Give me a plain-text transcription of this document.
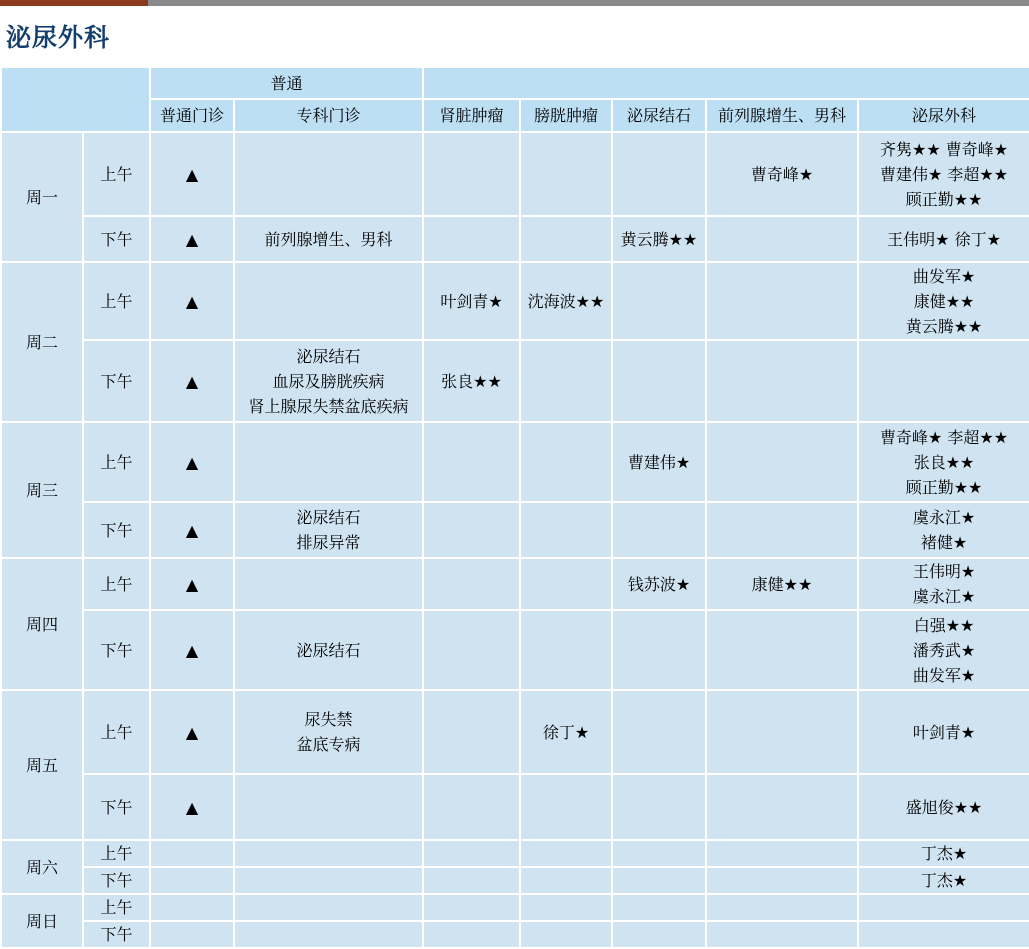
泌尿外科
		普通						
		普通门诊	专科门诊	肾脏肿瘤	膀胱肿瘤	泌尿结石	前列腺增生、男科	泌尿外科
周一	上午	▲					曹奇峰★	齐隽★★ 曹奇峰★
曹建伟★ 李超★★
顾正勤★★

	下午	▲	前列腺增生、男科			黄云腾★★		王伟明★ 徐丁★

周二	上午	▲		叶剑青★	沈海波★★			曲发军★
康健★★
黄云腾★★

	下午	▲	泌尿结石
血尿及膀胱疾病
肾上腺尿失禁盆底疾病	张良★★				

周三	上午	▲				曹建伟★		曹奇峰★ 李超★★
张良★★
顾正勤★★

	下午	▲	泌尿结石
排尿异常					虞永江★
褚健★

周四	上午	▲				钱苏波★	康健★★	王伟明★
虞永江★

	下午	▲	泌尿结石					白强★★
潘秀武★
曲发军★

周五	上午	▲	尿失禁
盆底专病		徐丁★			叶剑青★

	下午	▲						盛旭俊★★

周六	上午							丁杰★

	下午							丁杰★

周日	上午							
	下午							
